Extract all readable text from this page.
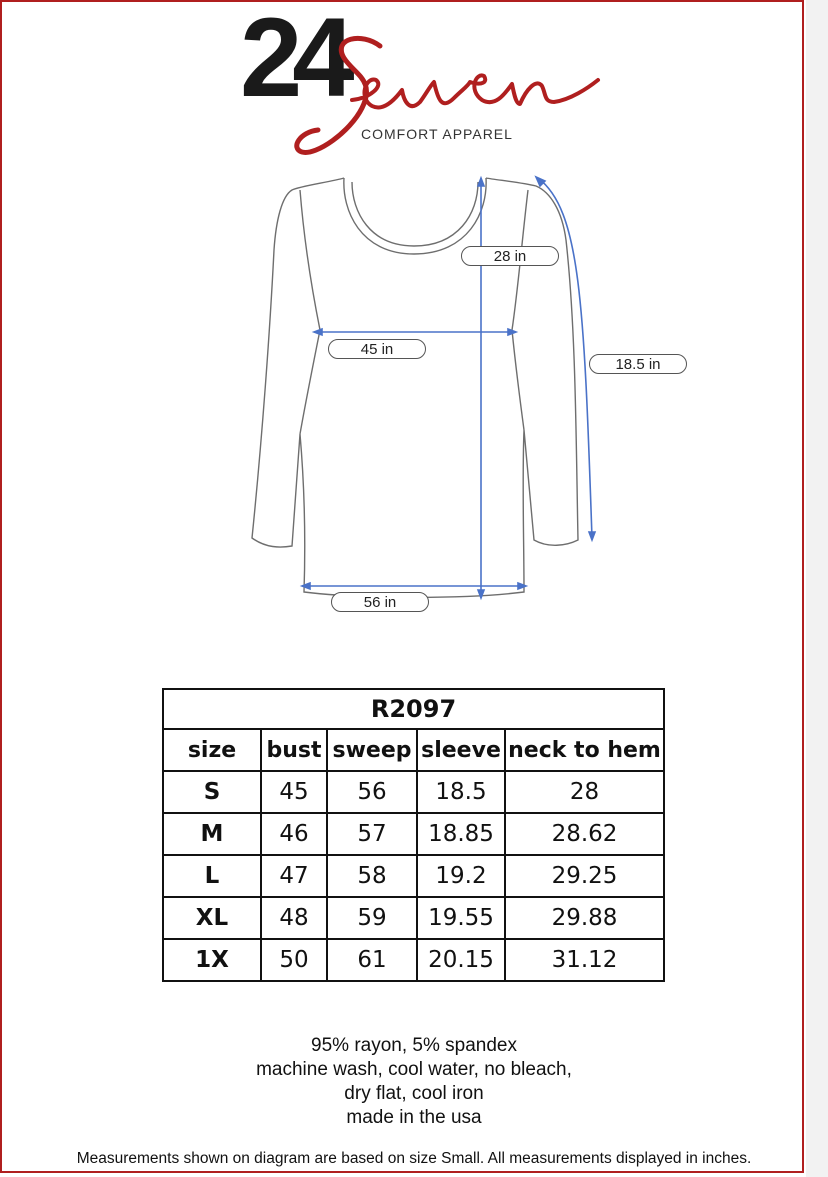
24
COMFORT APPAREL
28 in
45 in
18.5 in
56 in
R2097				
size	bust	sweep	sleeve	neck to hem
S	45	56	18.5	28
M	46	57	18.85	28.62
L	47	58	19.2	29.25
XL	48	59	19.55	29.88
1X	50	61	20.15	31.12
95% rayon, 5% spandex
machine wash, cool water, no bleach,
dry flat, cool iron
made in the usa
Measurements shown on diagram are based on size Small. All measurements displayed in inches.
